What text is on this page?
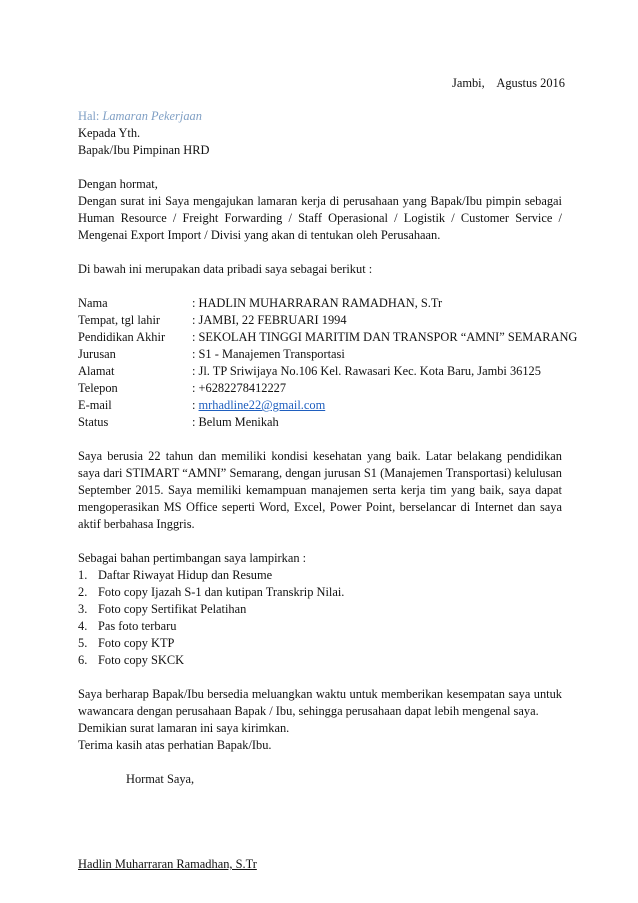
Jambi,    Agustus 2016
Hal: Lamaran Pekerjaan
Kepada Yth.
Bapak/Ibu Pimpinan HRD
Dengan hormat,

Dengan surat ini Saya mengajukan lamaran kerja di perusahaan yang Bapak/Ibu pimpin sebagai Human Resource / Freight Forwarding / Staff Operasional / Logistik / Customer Service / Mengenai Export Import / Divisi yang akan di tentukan oleh Perusahaan.

Di bawah ini merupakan data pribadi saya sebagai berikut :
Nama	: HADLIN MUHARRARAN RAMADHAN, S.Tr
Tempat, tgl lahir	: JAMBI, 22 FEBRUARI 1994
Pendidikan Akhir	: SEKOLAH TINGGI MARITIM DAN TRANSPOR “AMNI” SEMARANG
Jurusan	: S1 - Manajemen Transportasi
Alamat	: Jl. TP Sriwijaya No.106 Kel. Rawasari Kec. Kota Baru, Jambi 36125
Telepon	: +6282278412227
E-mail	: mrhadline22@gmail.com
Status	: Belum Menikah

Saya berusia 22 tahun dan memiliki kondisi kesehatan yang baik. Latar belakang pendidikan saya dari STIMART “AMNI” Semarang, dengan jurusan S1 (Manajemen Transportasi) kelulusan September 2015. Saya memiliki kemampuan manajemen serta kerja tim yang baik, saya dapat mengoperasikan MS Office seperti Word, Excel, Power Point, berselancar di Internet dan saya aktif berbahasa Inggris.

Sebagai bahan pertimbangan saya lampirkan :
1. Daftar Riwayat Hidup dan Resume
2. Foto copy Ijazah S-1 dan kutipan Transkrip Nilai.
3. Foto copy Sertifikat Pelatihan
4. Pas foto terbaru
5. Foto copy KTP
6. Foto copy SKCK

Saya berharap Bapak/Ibu bersedia meluangkan waktu untuk memberikan kesempatan saya untuk wawancara dengan perusahaan Bapak / Ibu, sehingga perusahaan dapat lebih mengenal saya.

Demikian surat lamaran ini saya kirimkan.
Terima kasih atas perhatian Bapak/Ibu.
Hormat Saya,
Hadlin Muharraran Ramadhan, S.Tr
